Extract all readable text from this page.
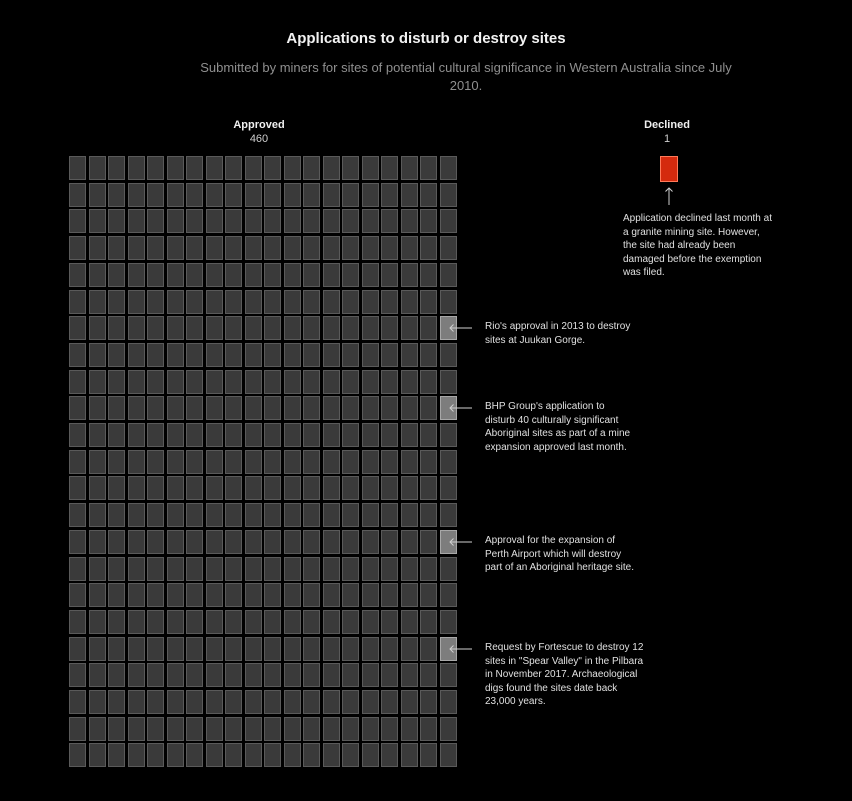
Applications to disturb or destroy sites
Submitted by miners for sites of potential cultural significance in Western Australia since July 2010.
Approved
460
Declined
1
Application declined last month at a granite mining site. However, the site had already been damaged before the exemption was filed.
Rio's approval in 2013 to destroy sites at Juukan Gorge.
BHP Group's application to disturb 40 culturally significant Aboriginal sites as part of a mine expansion approved last month.
Approval for the expansion of Perth Airport which will destroy part of an Aboriginal heritage site.
Request by Fortescue to destroy 12 sites in "Spear Valley" in the Pilbara in November 2017. Archaeological digs found the sites date back 23,000 years.
